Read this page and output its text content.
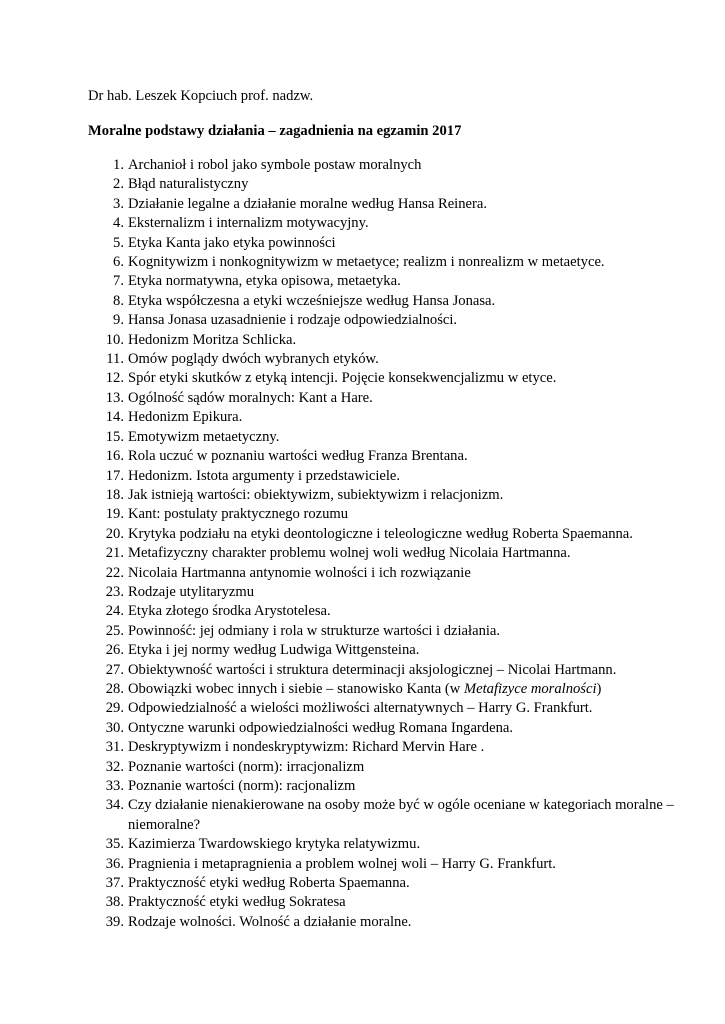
Dr hab. Leszek Kopciuch prof. nadzw.
Moralne podstawy działania – zagadnienia na egzamin 2017
1. Archanioł i robol jako symbole postaw moralnych
2. Błąd naturalistyczny
3. Działanie legalne a działanie moralne według Hansa Reinera.
4. Eksternalizm i internalizm motywacyjny.
5. Etyka Kanta jako etyka powinności
6. Kognitywizm i nonkognitywizm w metaetyce; realizm i nonrealizm w metaetyce.
7. Etyka normatywna, etyka opisowa, metaetyka.
8. Etyka współczesna a etyki wcześniejsze według Hansa Jonasa.
9. Hansa Jonasa uzasadnienie i rodzaje odpowiedzialności.
10. Hedonizm Moritza Schlicka.
11. Omów poglądy dwóch wybranych etyków.
12. Spór etyki skutków z etyką intencji. Pojęcie konsekwencjalizmu w etyce.
13. Ogólność sądów moralnych: Kant a Hare.
14. Hedonizm Epikura.
15. Emotywizm metaetyczny.
16. Rola uczuć w poznaniu wartości według Franza Brentana.
17. Hedonizm. Istota argumenty i przedstawiciele.
18. Jak istnieją wartości: obiektywizm, subiektywizm i relacjonizm.
19. Kant: postulaty praktycznego rozumu
20. Krytyka podziału na etyki deontologiczne i teleologiczne według Roberta Spaemanna.
21. Metafizyczny charakter problemu wolnej woli według Nicolaia Hartmanna.
22. Nicolaia Hartmanna antynomie wolności i ich rozwiązanie
23. Rodzaje utylitaryzmu
24. Etyka złotego środka Arystotelesa.
25. Powinność: jej odmiany i rola w strukturze wartości i działania.
26. Etyka i jej normy według Ludwiga Wittgensteina.
27. Obiektywność wartości i struktura determinacji aksjologicznej – Nicolai Hartmann.
28. Obowiązki wobec innych i siebie – stanowisko Kanta (w Metafizyce moralności)
29. Odpowiedzialność a wielości możliwości alternatywnych – Harry G. Frankfurt.
30. Ontyczne warunki odpowiedzialności według Romana Ingardena.
31. Deskryptywizm i nondeskryptywizm: Richard Mervin Hare .
32. Poznanie wartości (norm): irracjonalizm
33. Poznanie wartości (norm): racjonalizm
34. Czy działanie nienakierowane na osoby może być w ogóle oceniane w kategoriach moralne – niemoralne?
35. Kazimierza Twardowskiego krytyka relatywizmu.
36. Pragnienia i metapragnienia a problem wolnej woli – Harry G. Frankfurt.
37. Praktyczność etyki według Roberta Spaemanna.
38. Praktyczność etyki według Sokratesa
39. Rodzaje wolności. Wolność a działanie moralne.
